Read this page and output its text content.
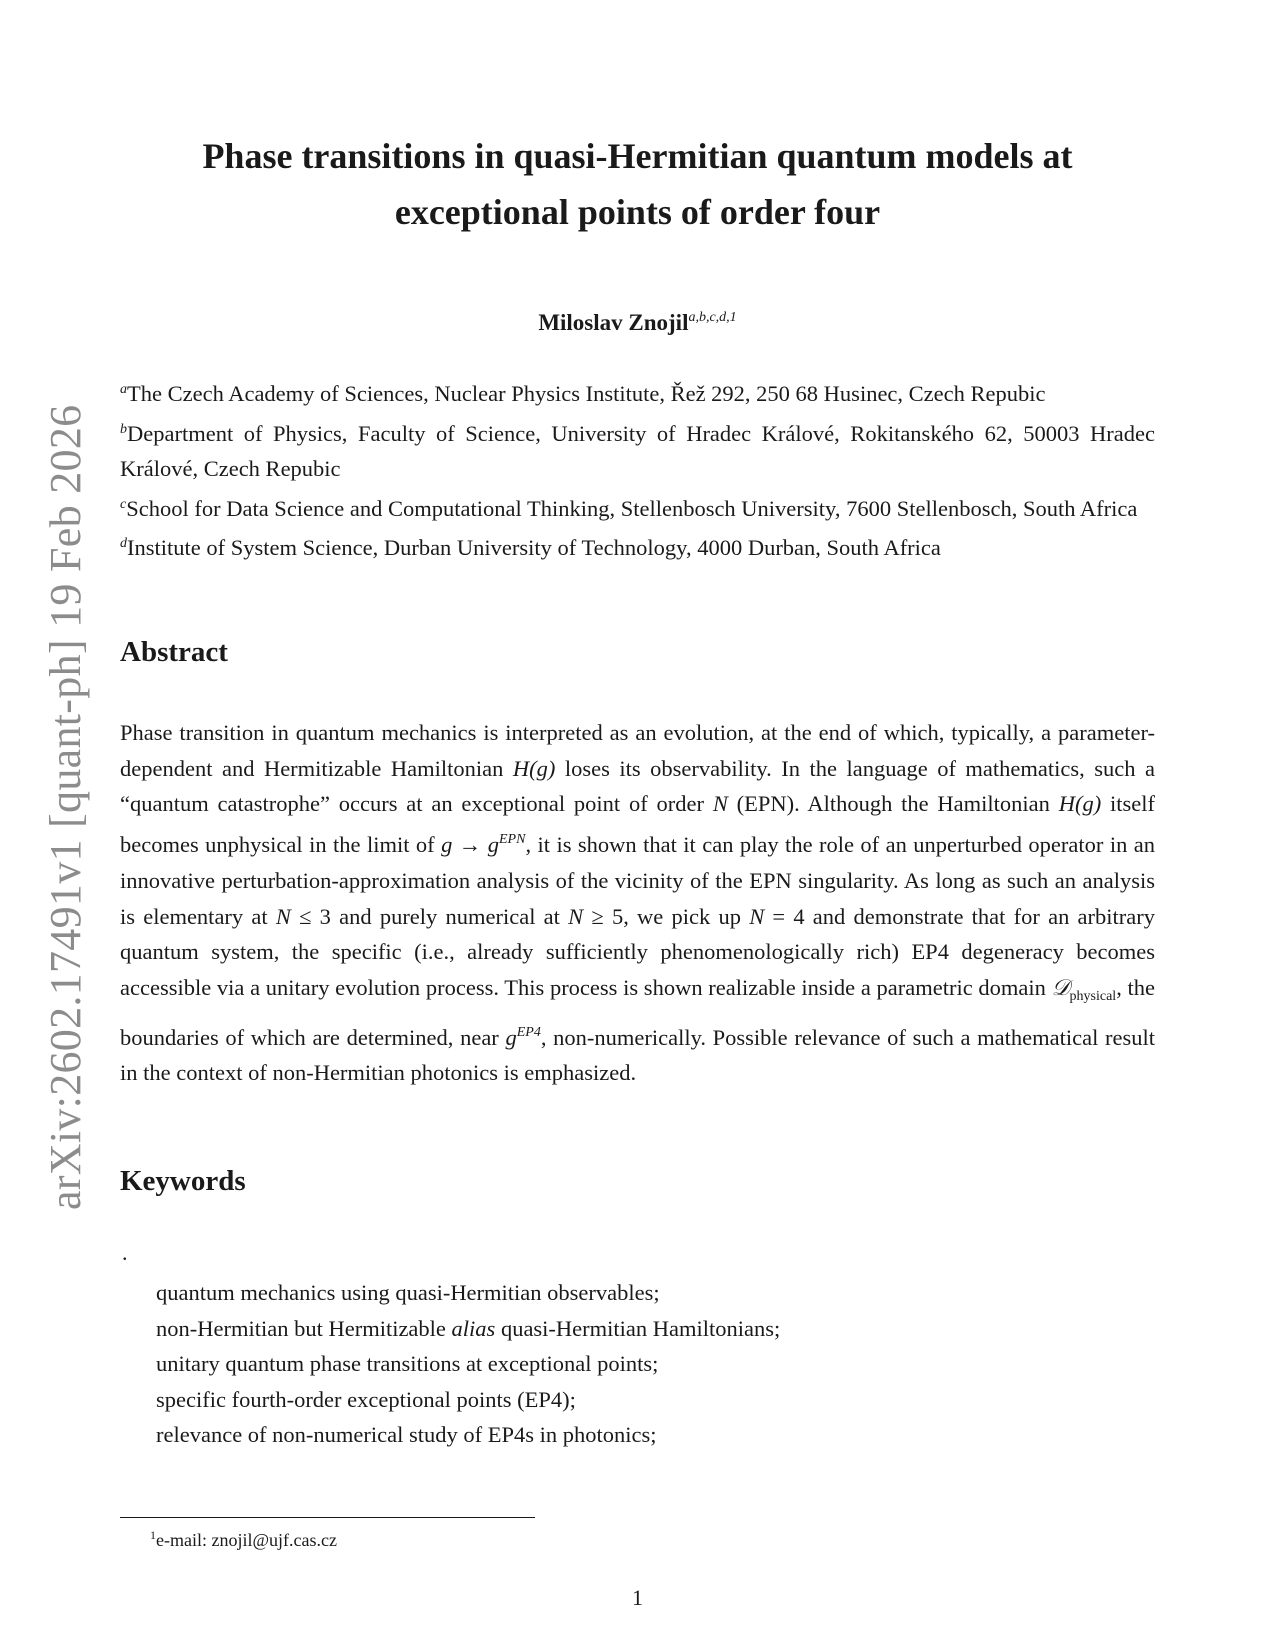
arXiv:2602.17491v1 [quant-ph] 19 Feb 2026
Phase transitions in quasi-Hermitian quantum models at
exceptional points of order four
Miloslav Znojil$^{a,b,c,d,1}$
$^a$The Czech Academy of Sciences, Nuclear Physics Institute, Řež 292, 250 68 Husinec, Czech Repubic
$^b$Department of Physics, Faculty of Science, University of Hradec Králové, Rokitanského 62, 50003 Hradec Králové, Czech Repubic
$^c$School for Data Science and Computational Thinking, Stellenbosch University, 7600 Stellenbosch, South Africa
$^d$Institute of System Science, Durban University of Technology, 4000 Durban, South Africa
Abstract

Phase transition in quantum mechanics is interpreted as an evolution, at the end of which, typically, a parameter-dependent and Hermitizable Hamiltonian H(g) loses its observability. In the language of mathematics, such a “quantum catastrophe” occurs at an exceptional point of order N (EPN). Although the Hamiltonian H(g) itself becomes unphysical in the limit of $g \to g^{EPN}$, it is shown that it can play the role of an unperturbed operator in an innovative perturbation-approximation analysis of the vicinity of the EPN singularity. As long as such an analysis is elementary at N ≤ 3 and purely numerical at N ≥ 5, we pick up N = 4 and demonstrate that for an arbitrary quantum system, the specific (i.e., already sufficiently phenomenologically rich) EP4 degeneracy becomes accessible via a unitary evolution process. This process is shown realizable inside a parametric domain 𝒟$_{physical}$, the boundaries of which are determined, near $g^{EP4}$, non-numerically. Possible relevance of such a mathematical result in the context of non-Hermitian photonics is emphasized.

Keywords
.
quantum mechanics using quasi-Hermitian observables;
non-Hermitian but Hermitizable alias quasi-Hermitian Hamiltonians;
unitary quantum phase transitions at exceptional points;
specific fourth-order exceptional points (EP4);
relevance of non-numerical study of EP4s in photonics;
$^1$e-mail: znojil@ujf.cas.cz
1
